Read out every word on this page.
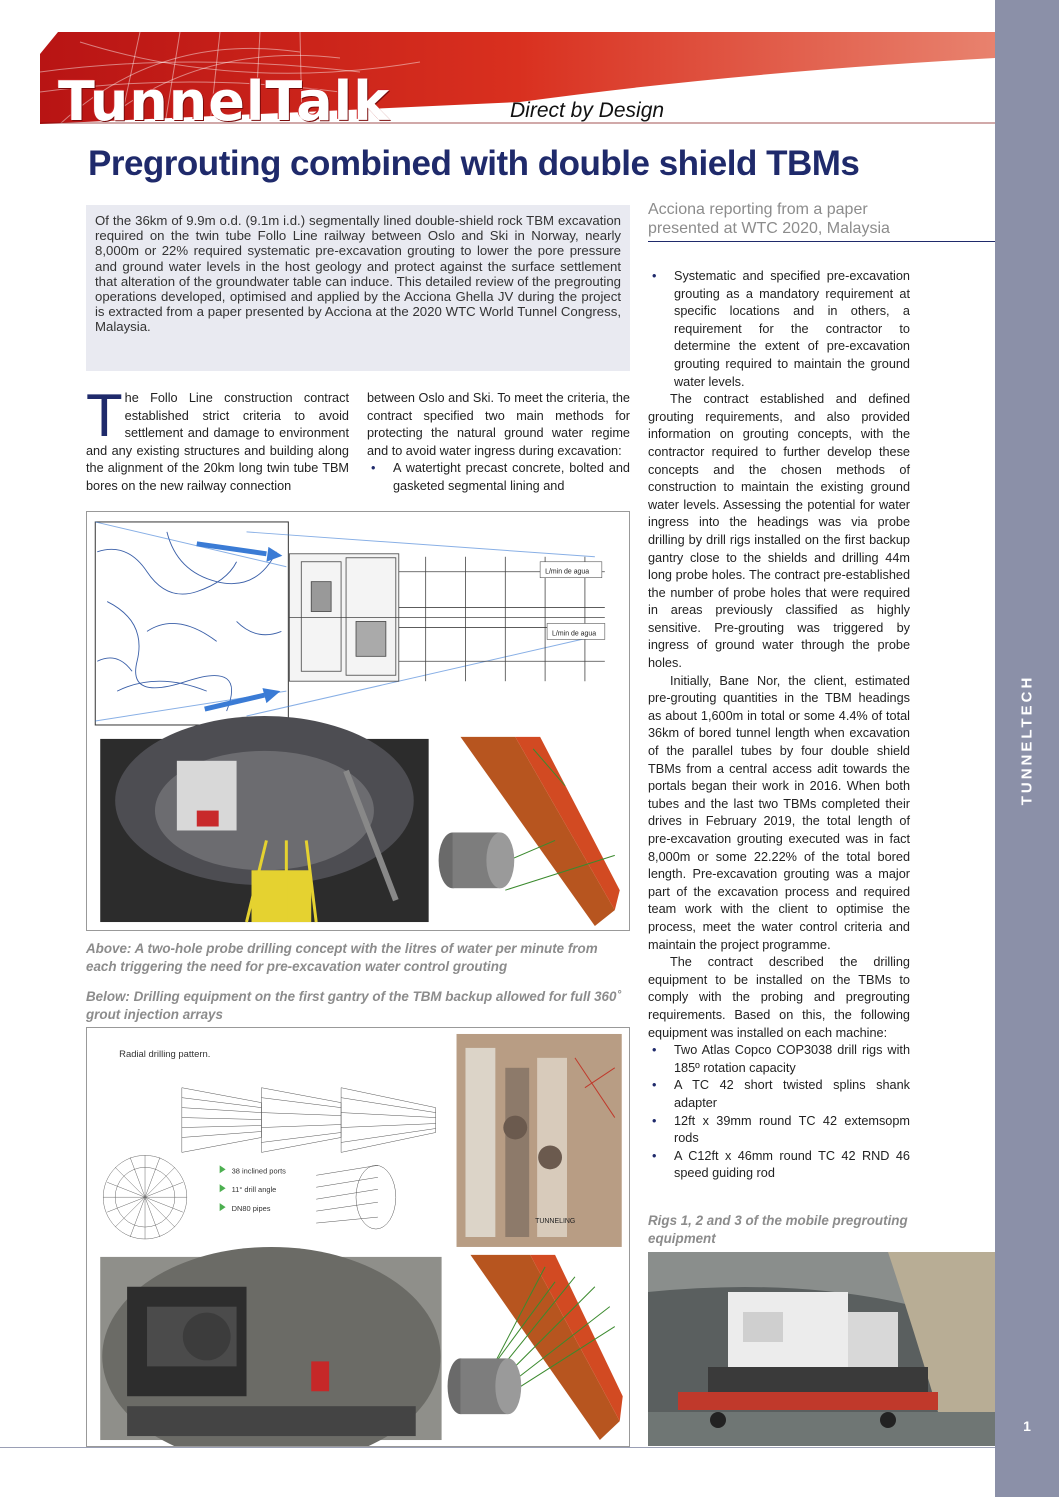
TUNNELTECH
1
TunnelTalk	Direct by Design
Pregrouting combined with double shield TBMs
Of the 36km of 9.9m o.d. (9.1m i.d.) segmentally lined double-shield rock TBM excavation required on the twin tube Follo Line railway between Oslo and Ski in Norway, nearly 8,000m or 22% required systematic pre-excavation grouting to lower the pore pressure and ground water levels in the host geology and protect against the surface settlement that alteration of the groundwater table can induce. This detailed review of the pregrouting operations developed, optimised and applied by the Acciona Ghella JV during the project is extracted from a paper presented by Acciona at the 2020 WTC World Tunnel Congress, Malaysia.
Acciona reporting from a paper presented at WTC 2020, Malaysia

T he Follo Line construction contract established strict criteria to avoid settlement and damage to environment and any existing structures and building along the alignment of the 20km long twin tube TBM bores on the new railway connection

between Oslo and Ski. To meet the criteria, the contract specified two main methods for protecting the natural ground water regime and to avoid water ingress during excavation:

• A watertight precast concrete, bolted and gasketed segmental lining and
• Systematic and specified pre-excavation grouting as a mandatory requirement at specific locations and in others, a requirement for the contractor to determine the extent of pre-excavation grouting required to maintain the ground water levels.

The contract established and defined grouting requirements, and also provided information on grouting concepts, with the contractor required to further develop these concepts and the chosen methods of construction to maintain the existing ground water levels. Assessing the potential for water ingress into the headings was via probe drilling by drill rigs installed on the first backup gantry close to the shields and drilling 44m long probe holes. The contract pre-established the number of probe holes that were required in areas previously classified as highly sensitive. Pre-grouting was triggered by ingress of ground water through the probe holes.

Initially, Bane Nor, the client, estimated pre-grouting quantities in the TBM headings as about 1,600m in total or some 4.4% of total 36km of bored tunnel length when excavation of the parallel tubes by four double shield TBMs from a central access adit towards the portals began their work in 2016. When both tubes and the last two TBMs completed their drives in February 2019, the total length of pre-excavation grouting executed was in fact 8,000m or some 22.22% of the total bored length. Pre-excavation grouting was a major part of the excavation process and required team work with the client to optimise the process, meet the water control criteria and maintain the project programme.

The contract described the drilling equipment to be installed on the TBMs to comply with the probing and pregrouting requirements. Based on this, the following equipment was installed on each machine:

• Two Atlas Copco COP3038 drill rigs with 185º rotation capacity
• A TC 42 short twisted splins shank adapter
• 12ft x 39mm round TC 42 extemsopm rods
• A C12ft x 46mm round TC 42 RND 46 speed guiding rod
L/min de agua
L/min de agua
Above: A two-hole probe drilling concept with the litres of water per minute from each triggering the need for pre-excavation water control grouting
Below: Drilling equipment on the first gantry of the TBM backup allowed for full 360˚ grout injection arrays
Radial drilling pattern.
38 inclined ports
11° drill angle
DN80 pipes
TUNNELING	Rigs 1, 2 and 3 of the mobile pregrouting equipment
